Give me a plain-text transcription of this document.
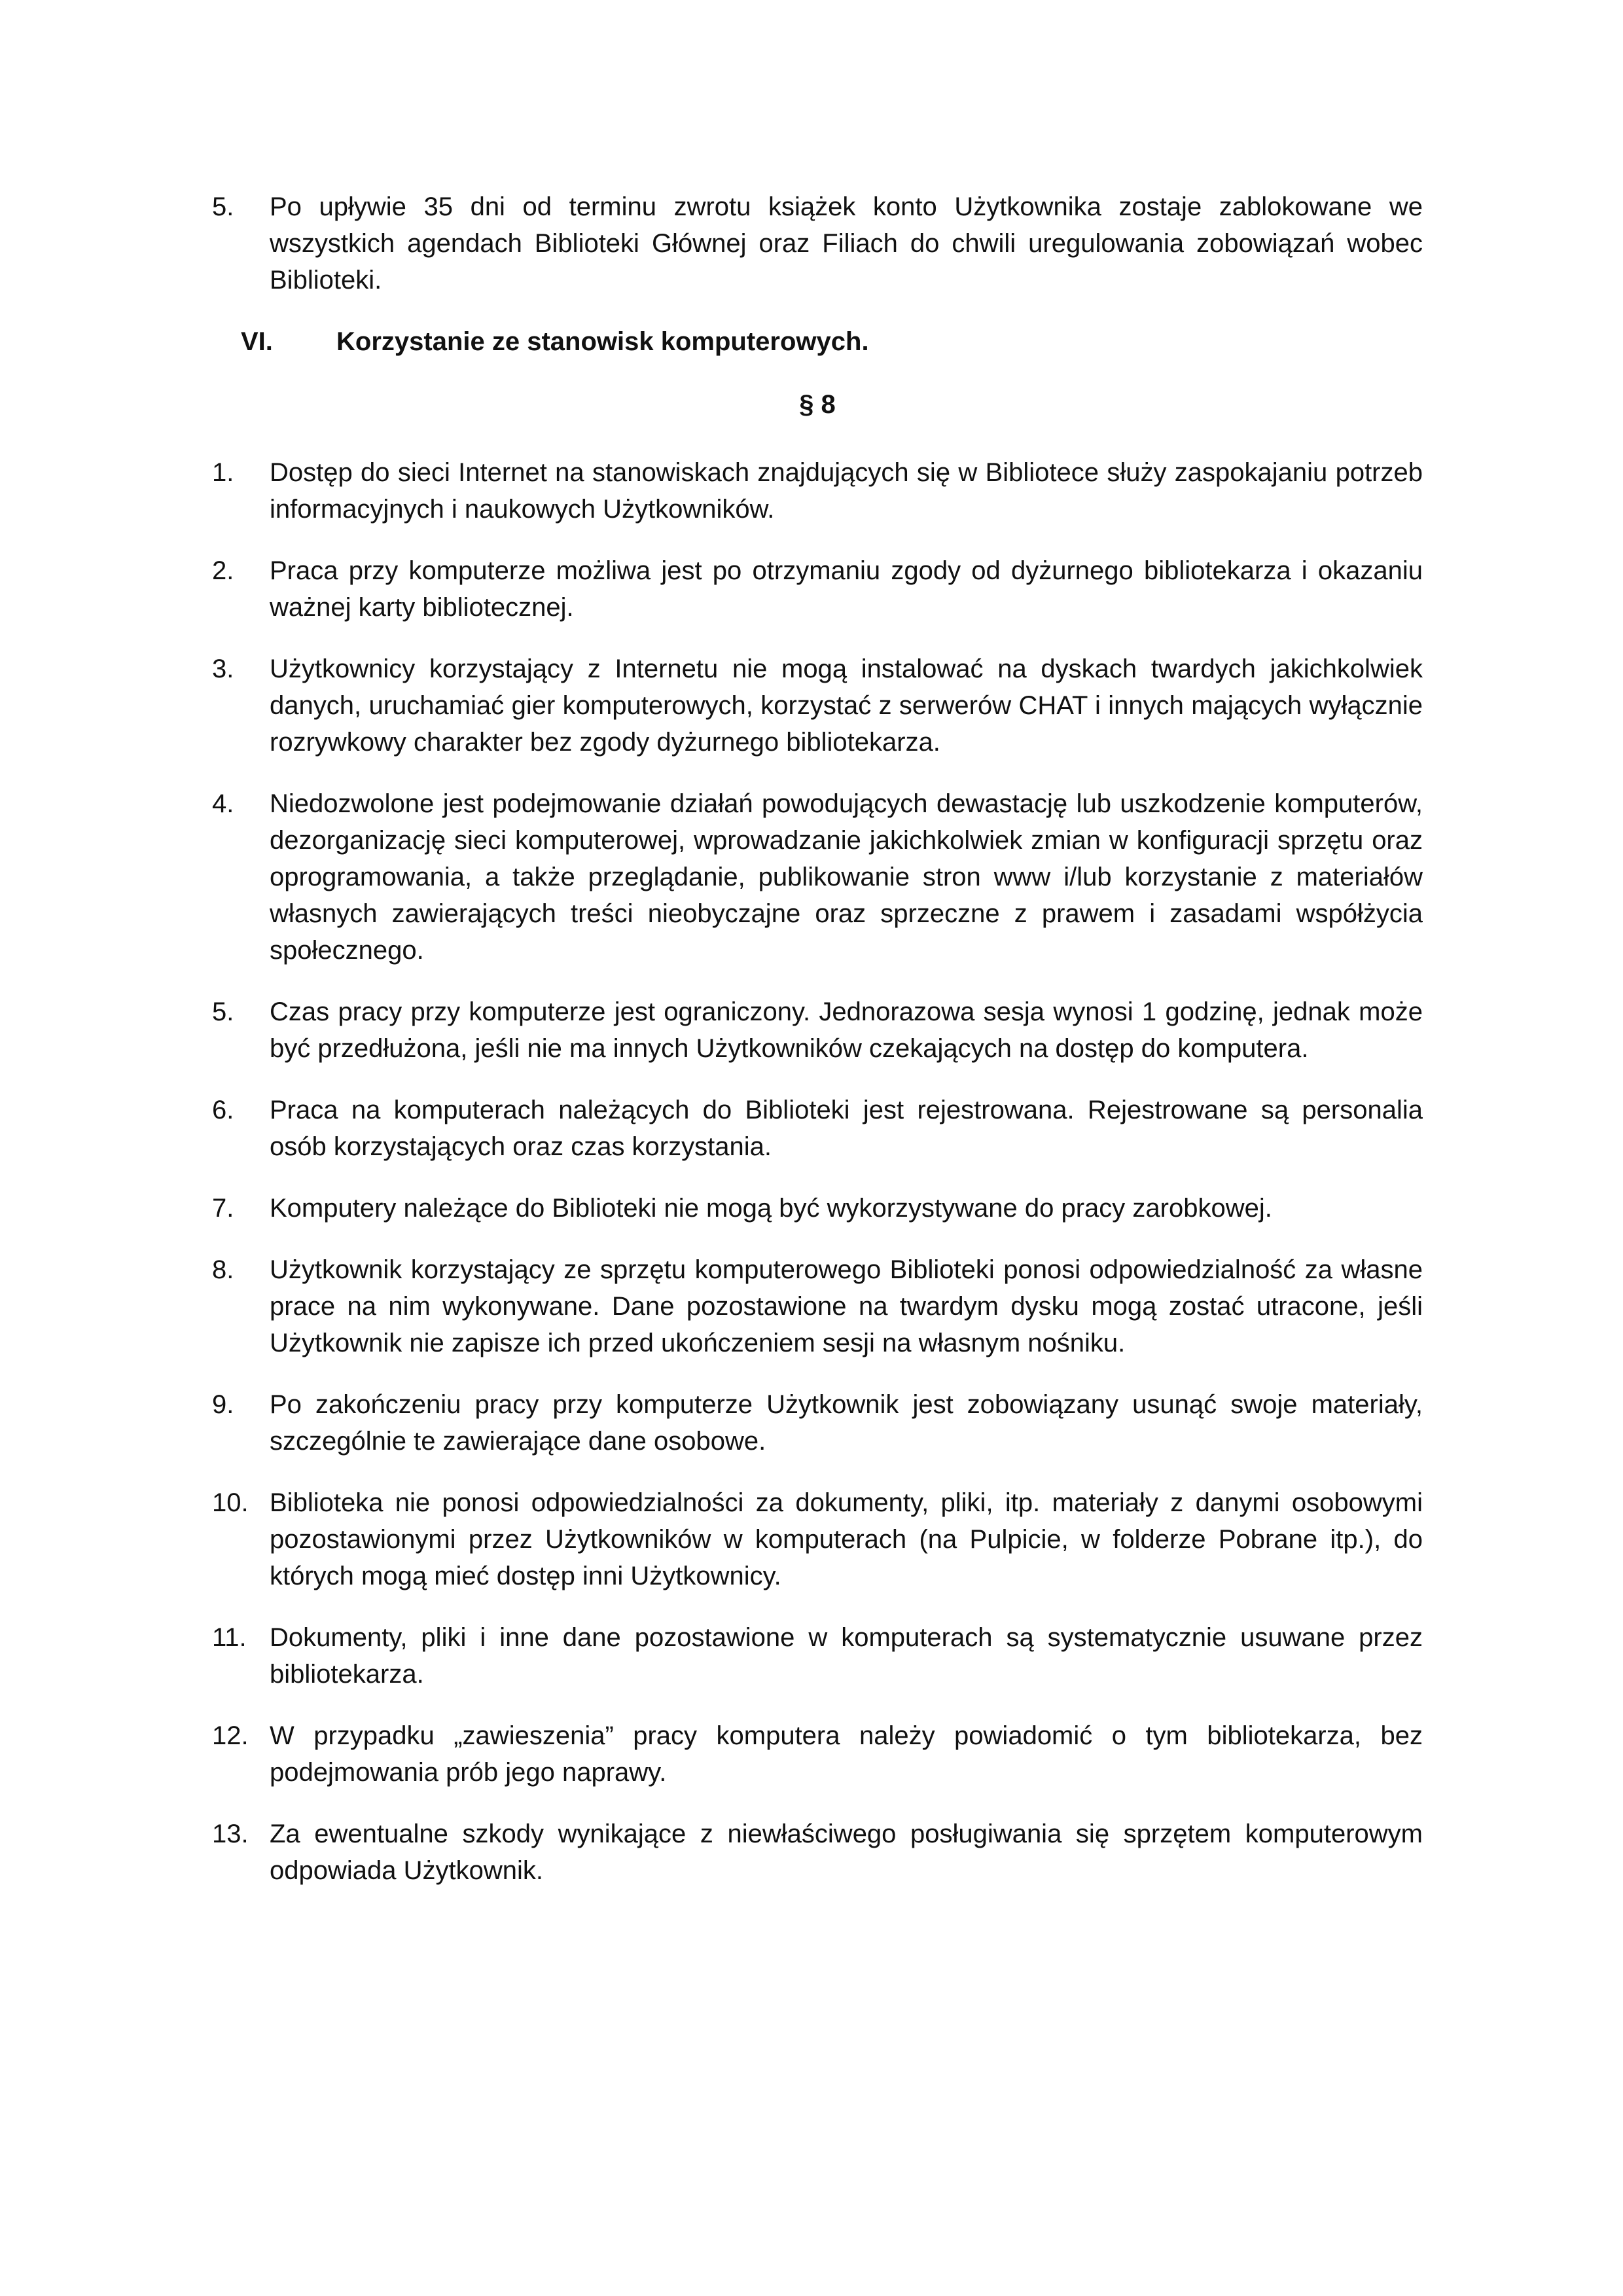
5.	Po upływie 35 dni od terminu zwrotu książek konto Użytkownika zostaje zablokowane we wszystkich agendach Biblioteki Głównej oraz Filiach do chwili uregulowania zobowiązań wobec Biblioteki.
VI. Korzystanie ze stanowisk komputerowych.
§ 8
1.	Dostęp do sieci Internet na stanowiskach znajdujących się w Bibliotece służy zaspokajaniu potrzeb informacyjnych i naukowych Użytkowników.
2.	Praca przy komputerze możliwa jest po otrzymaniu zgody od dyżurnego bibliotekarza i okazaniu ważnej karty bibliotecznej.
3.	Użytkownicy korzystający z Internetu nie mogą instalować na dyskach twardych jakichkolwiek danych, uruchamiać gier komputerowych, korzystać z serwerów CHAT i innych mających wyłącznie rozrywkowy charakter bez zgody dyżurnego bibliotekarza.
4.	Niedozwolone jest podejmowanie działań powodujących dewastację lub uszkodzenie komputerów, dezorganizację sieci komputerowej, wprowadzanie jakichkolwiek zmian w konfiguracji sprzętu oraz oprogramowania, a także przeglądanie, publikowanie stron www i/lub korzystanie z materiałów własnych zawierających treści nieobyczajne oraz sprzeczne z prawem i zasadami współżycia społecznego.
5.	Czas pracy przy komputerze jest ograniczony. Jednorazowa sesja wynosi 1 godzinę, jednak może być przedłużona, jeśli nie ma innych Użytkowników czekających na dostęp do komputera.
6.	Praca na komputerach należących do Biblioteki jest rejestrowana. Rejestrowane są personalia osób korzystających oraz czas korzystania.
7.	Komputery należące do Biblioteki nie mogą być wykorzystywane do pracy zarobkowej.
8.	Użytkownik korzystający ze sprzętu komputerowego Biblioteki ponosi odpowiedzialność za własne prace na nim wykonywane. Dane pozostawione na twardym dysku mogą zostać utracone, jeśli Użytkownik nie zapisze ich przed ukończeniem sesji na własnym nośniku.
9.	Po zakończeniu pracy przy komputerze Użytkownik jest zobowiązany usunąć swoje materiały, szczególnie te zawierające dane osobowe.
10. Biblioteka nie ponosi odpowiedzialności za dokumenty, pliki, itp. materiały z danymi osobowymi pozostawionymi przez Użytkowników w komputerach (na Pulpicie, w folderze Pobrane itp.), do których mogą mieć dostęp inni Użytkownicy.
11. Dokumenty, pliki i inne dane pozostawione w komputerach są systematycznie usuwane przez bibliotekarza.
12. W przypadku „zawieszenia” pracy komputera należy powiadomić o tym bibliotekarza, bez podejmowania prób jego naprawy.
13. Za ewentualne szkody wynikające z niewłaściwego posługiwania się sprzętem komputerowym odpowiada Użytkownik.
